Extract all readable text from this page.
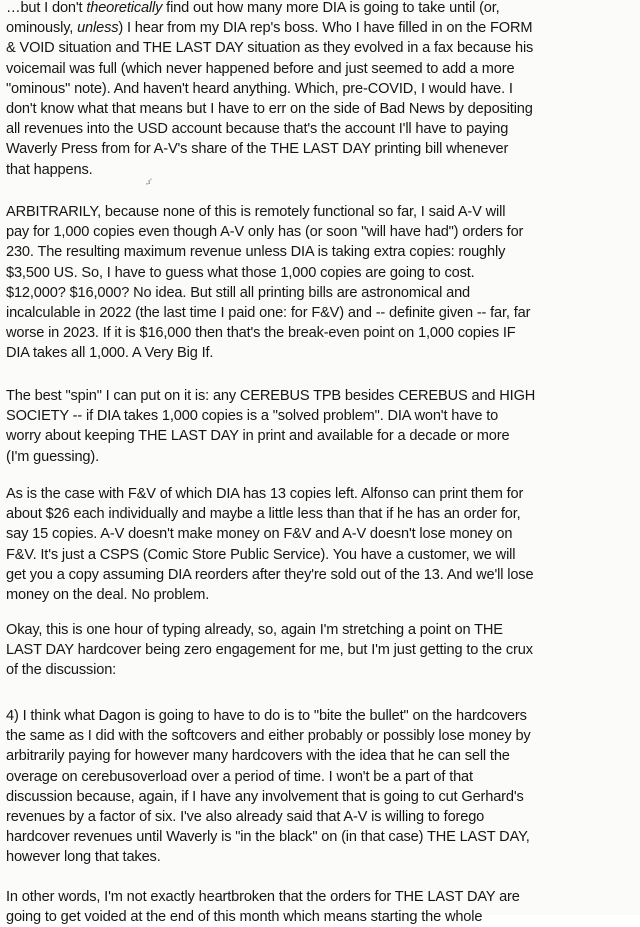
…but I don't theoretically find out how many more DIA is going to take until (or,
ominously, unless) I hear from my DIA rep's boss. Who I have filled in on the FORM
& VOID situation and THE LAST DAY situation as they evolved in a fax because his
voicemail was full (which never happened before and just seemed to add a more
"ominous" note). And haven't heard anything. Which, pre-COVID, I would have. I
don't know what that means but I have to err on the side of Bad News by depositing
all revenues into the USD account because that's the account I'll have to paying
Waverly Press from for A-V's share of the THE LAST DAY printing bill whenever
that happens.
ARBITRARILY, because none of this is remotely functional so far, I said A-V will
pay for 1,000 copies even though A-V only has (or soon "will have had") orders for
230. The resulting maximum revenue unless DIA is taking extra copies: roughly
$3,500 US. So, I have to guess what those 1,000 copies are going to cost.
$12,000? $16,000? No idea. But still all printing bills are astronomical and
incalculable in 2022 (the last time I paid one: for F&V) and -- definite given -- far, far
worse in 2023. If it is $16,000 then that's the break-even point on 1,000 copies IF
DIA takes all 1,000. A Very Big If.
The best "spin" I can put on it is: any CEREBUS TPB besides CEREBUS and HIGH
SOCIETY -- if DIA takes 1,000 copies is a "solved problem". DIA won't have to
worry about keeping THE LAST DAY in print and available for a decade or more
(I'm guessing).
As is the case with F&V of which DIA has 13 copies left. Alfonso can print them for
about $26 each individually and maybe a little less than that if he has an order for,
say 15 copies. A-V doesn't make money on F&V and A-V doesn't lose money on
F&V. It's just a CSPS (Comic Store Public Service). You have a customer, we will
get you a copy assuming DIA reorders after they're sold out of the 13. And we'll lose
money on the deal. No problem.
Okay, this is one hour of typing already, so, again I'm stretching a point on THE
LAST DAY hardcover being zero engagement for me, but I'm just getting to the crux
of the discussion:
4) I think what Dagon is going to have to do is to "bite the bullet" on the hardcovers
the same as I did with the softcovers and either probably or possibly lose money by
arbitrarily paying for however many hardcovers with the idea that he can sell the
overage on cerebusoverload over a period of time. I won't be a part of that
discussion because, again, if I have any involvement that is going to cut Gerhard's
revenues by a factor of six. I've also already said that A-V is willing to forego
hardcover revenues until Waverly is "in the black" on (in that case) THE LAST DAY,
however long that takes.
In other words, I'm not exactly heartbroken that the orders for THE LAST DAY are
going to get voided at the end of this month which means starting the whole
,ı'
